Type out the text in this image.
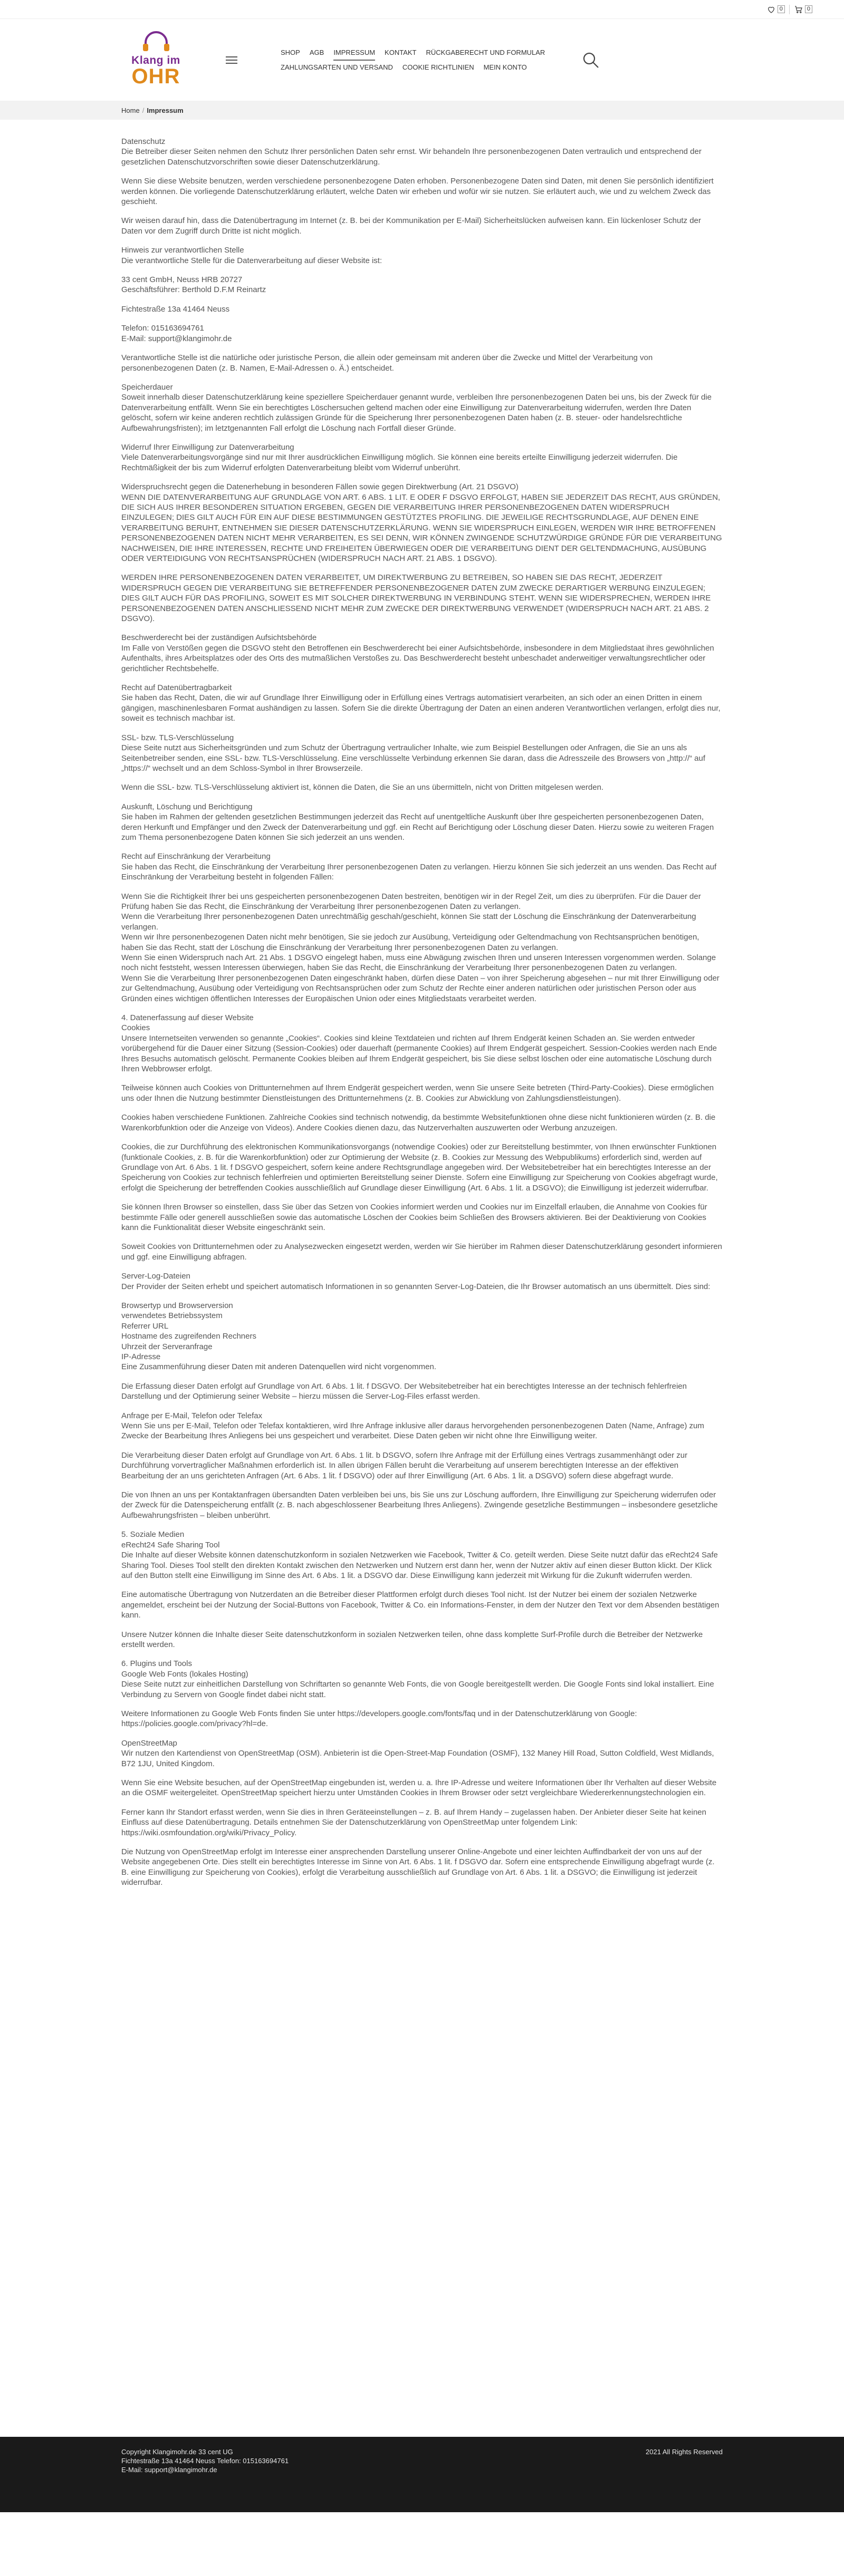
0	0
Klang im
OHR
SHOP AGB IMPRESSUM KONTAKT RÜCKGABERECHT UND FORMULAR
ZAHLUNGSARTEN UND VERSAND COOKIE RICHTLINIEN MEIN KONTO
Home / Impressum

Datenschutz
Die Betreiber dieser Seiten nehmen den Schutz Ihrer persönlichen Daten sehr ernst. Wir behandeln Ihre personenbezogenen Daten vertraulich und entsprechend der gesetzlichen Datenschutzvorschriften sowie dieser Datenschutzerklärung.

Wenn Sie diese Website benutzen, werden verschiedene personenbezogene Daten erhoben. Personenbezogene Daten sind Daten, mit denen Sie persönlich identifiziert werden können. Die vorliegende Datenschutzerklärung erläutert, welche Daten wir erheben und wofür wir sie nutzen. Sie erläutert auch, wie und zu welchem Zweck das geschieht.

Wir weisen darauf hin, dass die Datenübertragung im Internet (z. B. bei der Kommunikation per E-Mail) Sicherheitslücken aufweisen kann. Ein lückenloser Schutz der Daten vor dem Zugriff durch Dritte ist nicht möglich.

Hinweis zur verantwortlichen Stelle
Die verantwortliche Stelle für die Datenverarbeitung auf dieser Website ist:

33 cent GmbH, Neuss HRB 20727
Geschäftsführer: Berthold D.F.M Reinartz

Fichtestraße 13a 41464 Neuss

Telefon: 015163694761
E-Mail: support@klangimohr.de

Verantwortliche Stelle ist die natürliche oder juristische Person, die allein oder gemeinsam mit anderen über die Zwecke und Mittel der Verarbeitung von personenbezogenen Daten (z. B. Namen, E-Mail-Adressen o. Ä.) entscheidet.

Speicherdauer
Soweit innerhalb dieser Datenschutzerklärung keine speziellere Speicherdauer genannt wurde, verbleiben Ihre personenbezogenen Daten bei uns, bis der Zweck für die Datenverarbeitung entfällt. Wenn Sie ein berechtigtes Löschersuchen geltend machen oder eine Einwilligung zur Datenverarbeitung widerrufen, werden Ihre Daten gelöscht, sofern wir keine anderen rechtlich zulässigen Gründe für die Speicherung Ihrer personenbezogenen Daten haben (z. B. steuer- oder handelsrechtliche Aufbewahrungsfristen); im letztgenannten Fall erfolgt die Löschung nach Fortfall dieser Gründe.

Widerruf Ihrer Einwilligung zur Datenverarbeitung
Viele Datenverarbeitungsvorgänge sind nur mit Ihrer ausdrücklichen Einwilligung möglich. Sie können eine bereits erteilte Einwilligung jederzeit widerrufen. Die Rechtmäßigkeit der bis zum Widerruf erfolgten Datenverarbeitung bleibt vom Widerruf unberührt.

Widerspruchsrecht gegen die Datenerhebung in besonderen Fällen sowie gegen Direktwerbung (Art. 21 DSGVO)
WENN DIE DATENVERARBEITUNG AUF GRUNDLAGE VON ART. 6 ABS. 1 LIT. E ODER F DSGVO ERFOLGT, HABEN SIE JEDERZEIT DAS RECHT, AUS GRÜNDEN, DIE SICH AUS IHRER BESONDEREN SITUATION ERGEBEN, GEGEN DIE VERARBEITUNG IHRER PERSONENBEZOGENEN DATEN WIDERSPRUCH EINZULEGEN; DIES GILT AUCH FÜR EIN AUF DIESE BESTIMMUNGEN GESTÜTZTES PROFILING. DIE JEWEILIGE RECHTSGRUNDLAGE, AUF DENEN EINE VERARBEITUNG BERUHT, ENTNEHMEN SIE DIESER DATENSCHUTZERKLÄRUNG. WENN SIE WIDERSPRUCH EINLEGEN, WERDEN WIR IHRE BETROFFENEN PERSONENBEZOGENEN DATEN NICHT MEHR VERARBEITEN, ES SEI DENN, WIR KÖNNEN ZWINGENDE SCHUTZWÜRDIGE GRÜNDE FÜR DIE VERARBEITUNG NACHWEISEN, DIE IHRE INTERESSEN, RECHTE UND FREIHEITEN ÜBERWIEGEN ODER DIE VERARBEITUNG DIENT DER GELTENDMACHUNG, AUSÜBUNG ODER VERTEIDIGUNG VON RECHTSANSPRÜCHEN (WIDERSPRUCH NACH ART. 21 ABS. 1 DSGVO).

WERDEN IHRE PERSONENBEZOGENEN DATEN VERARBEITET, UM DIREKTWERBUNG ZU BETREIBEN, SO HABEN SIE DAS RECHT, JEDERZEIT WIDERSPRUCH GEGEN DIE VERARBEITUNG SIE BETREFFENDER PERSONENBEZOGENER DATEN ZUM ZWECKE DERARTIGER WERBUNG EINZULEGEN; DIES GILT AUCH FÜR DAS PROFILING, SOWEIT ES MIT SOLCHER DIREKTWERBUNG IN VERBINDUNG STEHT. WENN SIE WIDERSPRECHEN, WERDEN IHRE PERSONENBEZOGENEN DATEN ANSCHLIESSEND NICHT MEHR ZUM ZWECKE DER DIREKTWERBUNG VERWENDET (WIDERSPRUCH NACH ART. 21 ABS. 2 DSGVO).

Beschwerderecht bei der zuständigen Aufsichtsbehörde
Im Falle von Verstößen gegen die DSGVO steht den Betroffenen ein Beschwerderecht bei einer Aufsichtsbehörde, insbesondere in dem Mitgliedstaat ihres gewöhnlichen Aufenthalts, ihres Arbeitsplatzes oder des Orts des mutmaßlichen Verstoßes zu. Das Beschwerderecht besteht unbeschadet anderweitiger verwaltungsrechtlicher oder gerichtlicher Rechtsbehelfe.

Recht auf Datenübertragbarkeit
Sie haben das Recht, Daten, die wir auf Grundlage Ihrer Einwilligung oder in Erfüllung eines Vertrags automatisiert verarbeiten, an sich oder an einen Dritten in einem gängigen, maschinenlesbaren Format aushändigen zu lassen. Sofern Sie die direkte Übertragung der Daten an einen anderen Verantwortlichen verlangen, erfolgt dies nur, soweit es technisch machbar ist.

SSL- bzw. TLS-Verschlüsselung
Diese Seite nutzt aus Sicherheitsgründen und zum Schutz der Übertragung vertraulicher Inhalte, wie zum Beispiel Bestellungen oder Anfragen, die Sie an uns als Seitenbetreiber senden, eine SSL- bzw. TLS-Verschlüsselung. Eine verschlüsselte Verbindung erkennen Sie daran, dass die Adresszeile des Browsers von „http://“ auf „https://“ wechselt und an dem Schloss-Symbol in Ihrer Browserzeile.

Wenn die SSL- bzw. TLS-Verschlüsselung aktiviert ist, können die Daten, die Sie an uns übermitteln, nicht von Dritten mitgelesen werden.

Auskunft, Löschung und Berichtigung
Sie haben im Rahmen der geltenden gesetzlichen Bestimmungen jederzeit das Recht auf unentgeltliche Auskunft über Ihre gespeicherten personenbezogenen Daten, deren Herkunft und Empfänger und den Zweck der Datenverarbeitung und ggf. ein Recht auf Berichtigung oder Löschung dieser Daten. Hierzu sowie zu weiteren Fragen zum Thema personenbezogene Daten können Sie sich jederzeit an uns wenden.

Recht auf Einschränkung der Verarbeitung
Sie haben das Recht, die Einschränkung der Verarbeitung Ihrer personenbezogenen Daten zu verlangen. Hierzu können Sie sich jederzeit an uns wenden. Das Recht auf Einschränkung der Verarbeitung besteht in folgenden Fällen:

Wenn Sie die Richtigkeit Ihrer bei uns gespeicherten personenbezogenen Daten bestreiten, benötigen wir in der Regel Zeit, um dies zu überprüfen. Für die Dauer der Prüfung haben Sie das Recht, die Einschränkung der Verarbeitung Ihrer personenbezogenen Daten zu verlangen.
Wenn die Verarbeitung Ihrer personenbezogenen Daten unrechtmäßig geschah/geschieht, können Sie statt der Löschung die Einschränkung der Datenverarbeitung verlangen.
Wenn wir Ihre personenbezogenen Daten nicht mehr benötigen, Sie sie jedoch zur Ausübung, Verteidigung oder Geltendmachung von Rechtsansprüchen benötigen, haben Sie das Recht, statt der Löschung die Einschränkung der Verarbeitung Ihrer personenbezogenen Daten zu verlangen.
Wenn Sie einen Widerspruch nach Art. 21 Abs. 1 DSGVO eingelegt haben, muss eine Abwägung zwischen Ihren und unseren Interessen vorgenommen werden. Solange noch nicht feststeht, wessen Interessen überwiegen, haben Sie das Recht, die Einschränkung der Verarbeitung Ihrer personenbezogenen Daten zu verlangen.
Wenn Sie die Verarbeitung Ihrer personenbezogenen Daten eingeschränkt haben, dürfen diese Daten – von ihrer Speicherung abgesehen – nur mit Ihrer Einwilligung oder zur Geltendmachung, Ausübung oder Verteidigung von Rechtsansprüchen oder zum Schutz der Rechte einer anderen natürlichen oder juristischen Person oder aus Gründen eines wichtigen öffentlichen Interesses der Europäischen Union oder eines Mitgliedstaats verarbeitet werden.

4. Datenerfassung auf dieser Website
Cookies
Unsere Internetseiten verwenden so genannte „Cookies“. Cookies sind kleine Textdateien und richten auf Ihrem Endgerät keinen Schaden an. Sie werden entweder vorübergehend für die Dauer einer Sitzung (Session-Cookies) oder dauerhaft (permanente Cookies) auf Ihrem Endgerät gespeichert. Session-Cookies werden nach Ende Ihres Besuchs automatisch gelöscht. Permanente Cookies bleiben auf Ihrem Endgerät gespeichert, bis Sie diese selbst löschen oder eine automatische Löschung durch Ihren Webbrowser erfolgt.

Teilweise können auch Cookies von Drittunternehmen auf Ihrem Endgerät gespeichert werden, wenn Sie unsere Seite betreten (Third-Party-Cookies). Diese ermöglichen uns oder Ihnen die Nutzung bestimmter Dienstleistungen des Drittunternehmens (z. B. Cookies zur Abwicklung von Zahlungsdienstleistungen).

Cookies haben verschiedene Funktionen. Zahlreiche Cookies sind technisch notwendig, da bestimmte Websitefunktionen ohne diese nicht funktionieren würden (z. B. die Warenkorbfunktion oder die Anzeige von Videos). Andere Cookies dienen dazu, das Nutzerverhalten auszuwerten oder Werbung anzuzeigen.

Cookies, die zur Durchführung des elektronischen Kommunikationsvorgangs (notwendige Cookies) oder zur Bereitstellung bestimmter, von Ihnen erwünschter Funktionen (funktionale Cookies, z. B. für die Warenkorbfunktion) oder zur Optimierung der Website (z. B. Cookies zur Messung des Webpublikums) erforderlich sind, werden auf Grundlage von Art. 6 Abs. 1 lit. f DSGVO gespeichert, sofern keine andere Rechtsgrundlage angegeben wird. Der Websitebetreiber hat ein berechtigtes Interesse an der Speicherung von Cookies zur technisch fehlerfreien und optimierten Bereitstellung seiner Dienste. Sofern eine Einwilligung zur Speicherung von Cookies abgefragt wurde, erfolgt die Speicherung der betreffenden Cookies ausschließlich auf Grundlage dieser Einwilligung (Art. 6 Abs. 1 lit. a DSGVO); die Einwilligung ist jederzeit widerrufbar.

Sie können Ihren Browser so einstellen, dass Sie über das Setzen von Cookies informiert werden und Cookies nur im Einzelfall erlauben, die Annahme von Cookies für bestimmte Fälle oder generell ausschließen sowie das automatische Löschen der Cookies beim Schließen des Browsers aktivieren. Bei der Deaktivierung von Cookies kann die Funktionalität dieser Website eingeschränkt sein.

Soweit Cookies von Drittunternehmen oder zu Analysezwecken eingesetzt werden, werden wir Sie hierüber im Rahmen dieser Datenschutzerklärung gesondert informieren und ggf. eine Einwilligung abfragen.

Server-Log-Dateien
Der Provider der Seiten erhebt und speichert automatisch Informationen in so genannten Server-Log-Dateien, die Ihr Browser automatisch an uns übermittelt. Dies sind:

Browsertyp und Browserversion
verwendetes Betriebssystem
Referrer URL
Hostname des zugreifenden Rechners
Uhrzeit der Serveranfrage
IP-Adresse
Eine Zusammenführung dieser Daten mit anderen Datenquellen wird nicht vorgenommen.

Die Erfassung dieser Daten erfolgt auf Grundlage von Art. 6 Abs. 1 lit. f DSGVO. Der Websitebetreiber hat ein berechtigtes Interesse an der technisch fehlerfreien Darstellung und der Optimierung seiner Website – hierzu müssen die Server-Log-Files erfasst werden.

Anfrage per E-Mail, Telefon oder Telefax
Wenn Sie uns per E-Mail, Telefon oder Telefax kontaktieren, wird Ihre Anfrage inklusive aller daraus hervorgehenden personenbezogenen Daten (Name, Anfrage) zum Zwecke der Bearbeitung Ihres Anliegens bei uns gespeichert und verarbeitet. Diese Daten geben wir nicht ohne Ihre Einwilligung weiter.

Die Verarbeitung dieser Daten erfolgt auf Grundlage von Art. 6 Abs. 1 lit. b DSGVO, sofern Ihre Anfrage mit der Erfüllung eines Vertrags zusammenhängt oder zur Durchführung vorvertraglicher Maßnahmen erforderlich ist. In allen übrigen Fällen beruht die Verarbeitung auf unserem berechtigten Interesse an der effektiven Bearbeitung der an uns gerichteten Anfragen (Art. 6 Abs. 1 lit. f DSGVO) oder auf Ihrer Einwilligung (Art. 6 Abs. 1 lit. a DSGVO) sofern diese abgefragt wurde.

Die von Ihnen an uns per Kontaktanfragen übersandten Daten verbleiben bei uns, bis Sie uns zur Löschung auffordern, Ihre Einwilligung zur Speicherung widerrufen oder der Zweck für die Datenspeicherung entfällt (z. B. nach abgeschlossener Bearbeitung Ihres Anliegens). Zwingende gesetzliche Bestimmungen – insbesondere gesetzliche Aufbewahrungsfristen – bleiben unberührt.

5. Soziale Medien
eRecht24 Safe Sharing Tool
Die Inhalte auf dieser Website können datenschutzkonform in sozialen Netzwerken wie Facebook, Twitter & Co. geteilt werden. Diese Seite nutzt dafür das eRecht24 Safe Sharing Tool. Dieses Tool stellt den direkten Kontakt zwischen den Netzwerken und Nutzern erst dann her, wenn der Nutzer aktiv auf einen dieser Button klickt. Der Klick auf den Button stellt eine Einwilligung im Sinne des Art. 6 Abs. 1 lit. a DSGVO dar. Diese Einwilligung kann jederzeit mit Wirkung für die Zukunft widerrufen werden.

Eine automatische Übertragung von Nutzerdaten an die Betreiber dieser Plattformen erfolgt durch dieses Tool nicht. Ist der Nutzer bei einem der sozialen Netzwerke angemeldet, erscheint bei der Nutzung der Social-Buttons von Facebook, Twitter & Co. ein Informations-Fenster, in dem der Nutzer den Text vor dem Absenden bestätigen kann.

Unsere Nutzer können die Inhalte dieser Seite datenschutzkonform in sozialen Netzwerken teilen, ohne dass komplette Surf-Profile durch die Betreiber der Netzwerke erstellt werden.

6. Plugins und Tools
Google Web Fonts (lokales Hosting)
Diese Seite nutzt zur einheitlichen Darstellung von Schriftarten so genannte Web Fonts, die von Google bereitgestellt werden. Die Google Fonts sind lokal installiert. Eine Verbindung zu Servern von Google findet dabei nicht statt.

Weitere Informationen zu Google Web Fonts finden Sie unter https://developers.google.com/fonts/faq und in der Datenschutzerklärung von Google: https://policies.google.com/privacy?hl=de.

OpenStreetMap
Wir nutzen den Kartendienst von OpenStreetMap (OSM). Anbieterin ist die Open-Street-Map Foundation (OSMF), 132 Maney Hill Road, Sutton Coldfield, West Midlands, B72 1JU, United Kingdom.

Wenn Sie eine Website besuchen, auf der OpenStreetMap eingebunden ist, werden u. a. Ihre IP-Adresse und weitere Informationen über Ihr Verhalten auf dieser Website an die OSMF weitergeleitet. OpenStreetMap speichert hierzu unter Umständen Cookies in Ihrem Browser oder setzt vergleichbare Wiedererkennungstechnologien ein.

Ferner kann Ihr Standort erfasst werden, wenn Sie dies in Ihren Geräteeinstellungen – z. B. auf Ihrem Handy – zugelassen haben. Der Anbieter dieser Seite hat keinen Einfluss auf diese Datenübertragung. Details entnehmen Sie der Datenschutzerklärung von OpenStreetMap unter folgendem Link: https://wiki.osmfoundation.org/wiki/Privacy_Policy.

Die Nutzung von OpenStreetMap erfolgt im Interesse einer ansprechenden Darstellung unserer Online-Angebote und einer leichten Auffindbarkeit der von uns auf der Website angegebenen Orte. Dies stellt ein berechtigtes Interesse im Sinne von Art. 6 Abs. 1 lit. f DSGVO dar. Sofern eine entsprechende Einwilligung abgefragt wurde (z. B. eine Einwilligung zur Speicherung von Cookies), erfolgt die Verarbeitung ausschließlich auf Grundlage von Art. 6 Abs. 1 lit. a DSGVO; die Einwilligung ist jederzeit widerrufbar.

Copyright Klangimohr.de 33 cent UG
Fichtestraße 13a 41464 Neuss Telefon: 015163694761
E-Mail: support@klangimohr.de
2021 All Rights Reserved
